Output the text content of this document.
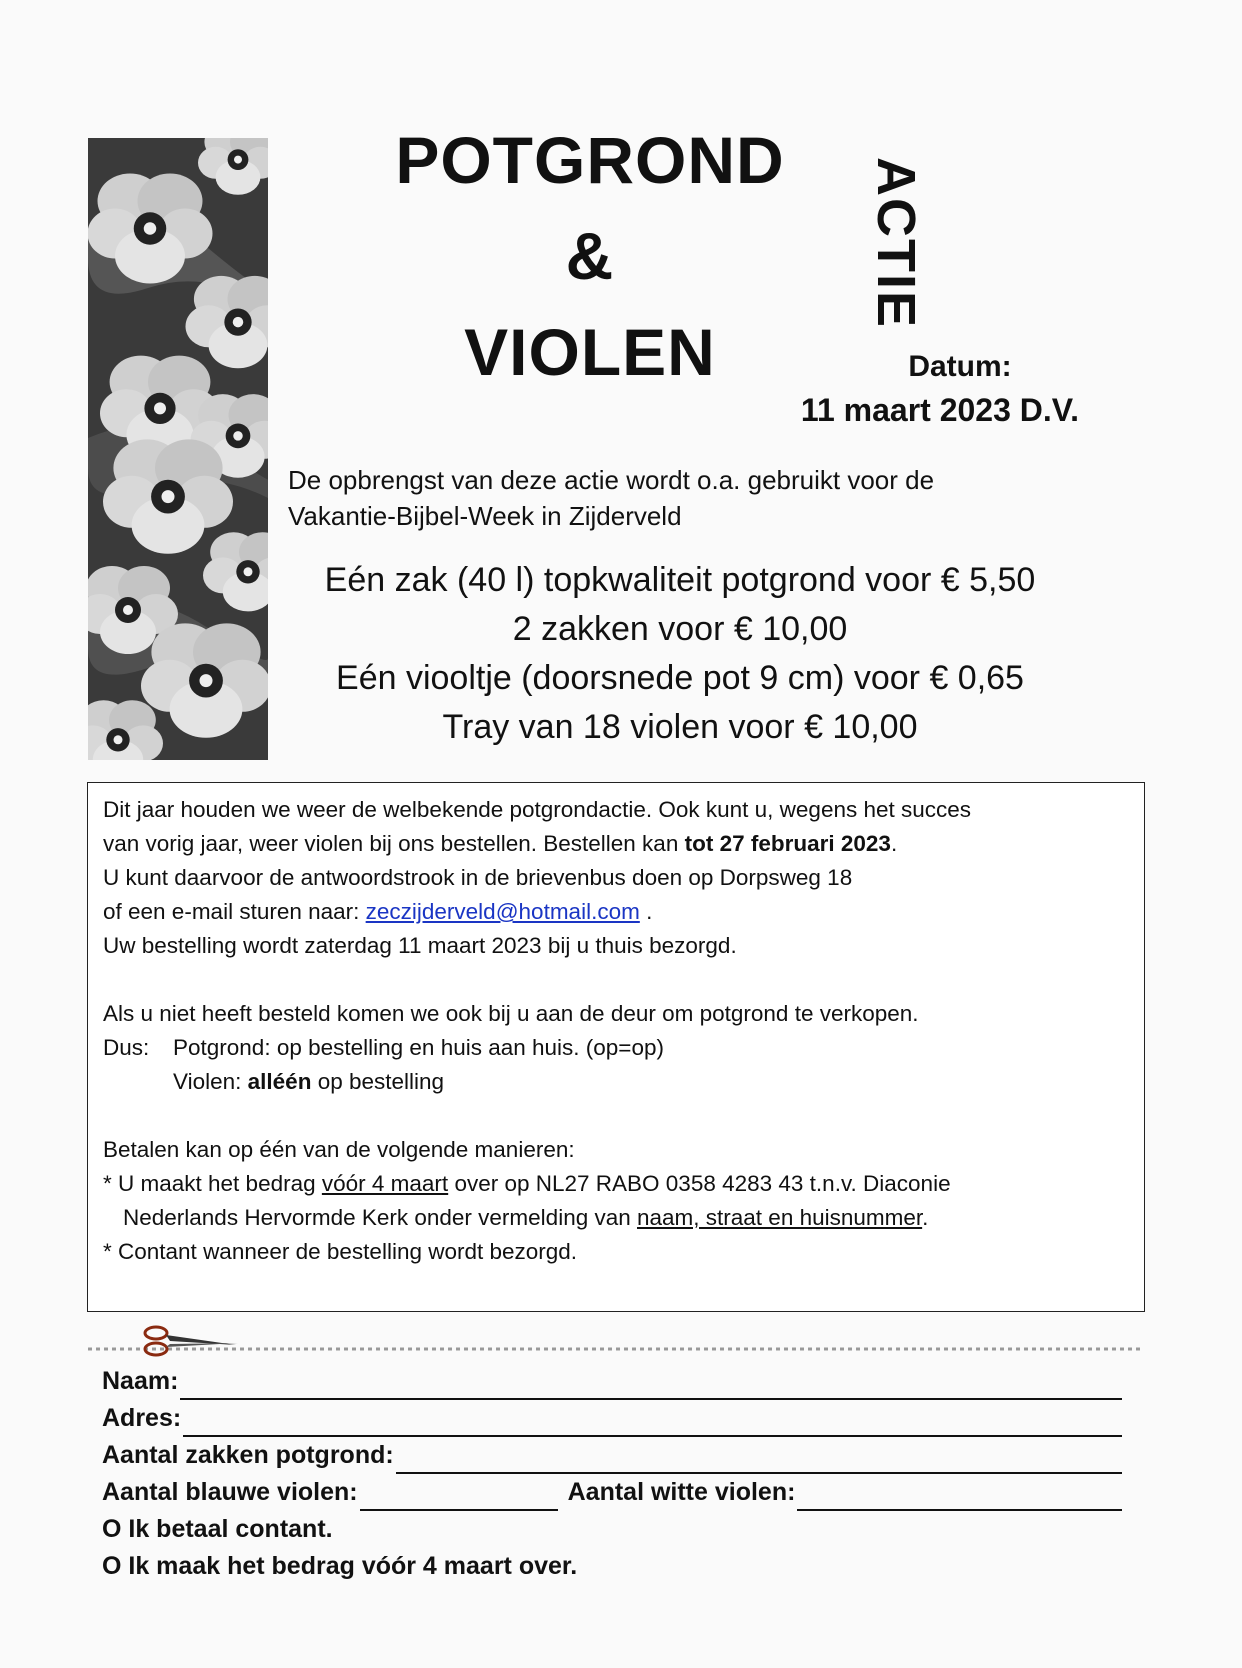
POTGROND
&
VIOLEN
ACTIE
Datum:
11 maart 2023 D.V.
De opbrengst van deze actie wordt o.a. gebruikt voor de
Vakantie-Bijbel-Week in Zijderveld
Eén zak (40 l) topkwaliteit potgrond voor € 5,50
2 zakken voor € 10,00
Eén viooltje (doorsnede pot 9 cm) voor € 0,65
Tray van 18 violen voor € 10,00

Dit jaar houden we weer de welbekende potgrondactie. Ook kunt u, wegens het succes

van vorig jaar, weer violen bij ons bestellen. Bestellen kan tot 27 februari 2023.

U kunt daarvoor de antwoordstrook in de brievenbus doen op Dorpsweg 18

of een e-mail sturen naar: zeczijderveld@hotmail.com .

Uw bestelling wordt zaterdag 11 maart 2023 bij u thuis bezorgd.

Als u niet heeft besteld komen we ook bij u aan de deur om potgrond te verkopen.

Dus: Potgrond: op bestelling en huis aan huis. (op=op)

Violen: alléén op bestelling

Betalen kan op één van de volgende manieren:

* U maakt het bedrag vóór 4 maart over op NL27 RABO 0358 4283 43 t.n.v. Diaconie

Nederlands Hervormde Kerk onder vermelding van naam, straat en huisnummer.

* Contant wanneer de bestelling wordt bezorgd.

Naam:
Adres:
Aantal zakken potgrond:
Aantal blauwe violen:	Aantal witte violen:
O Ik betaal contant.
O Ik maak het bedrag vóór 4 maart over.
